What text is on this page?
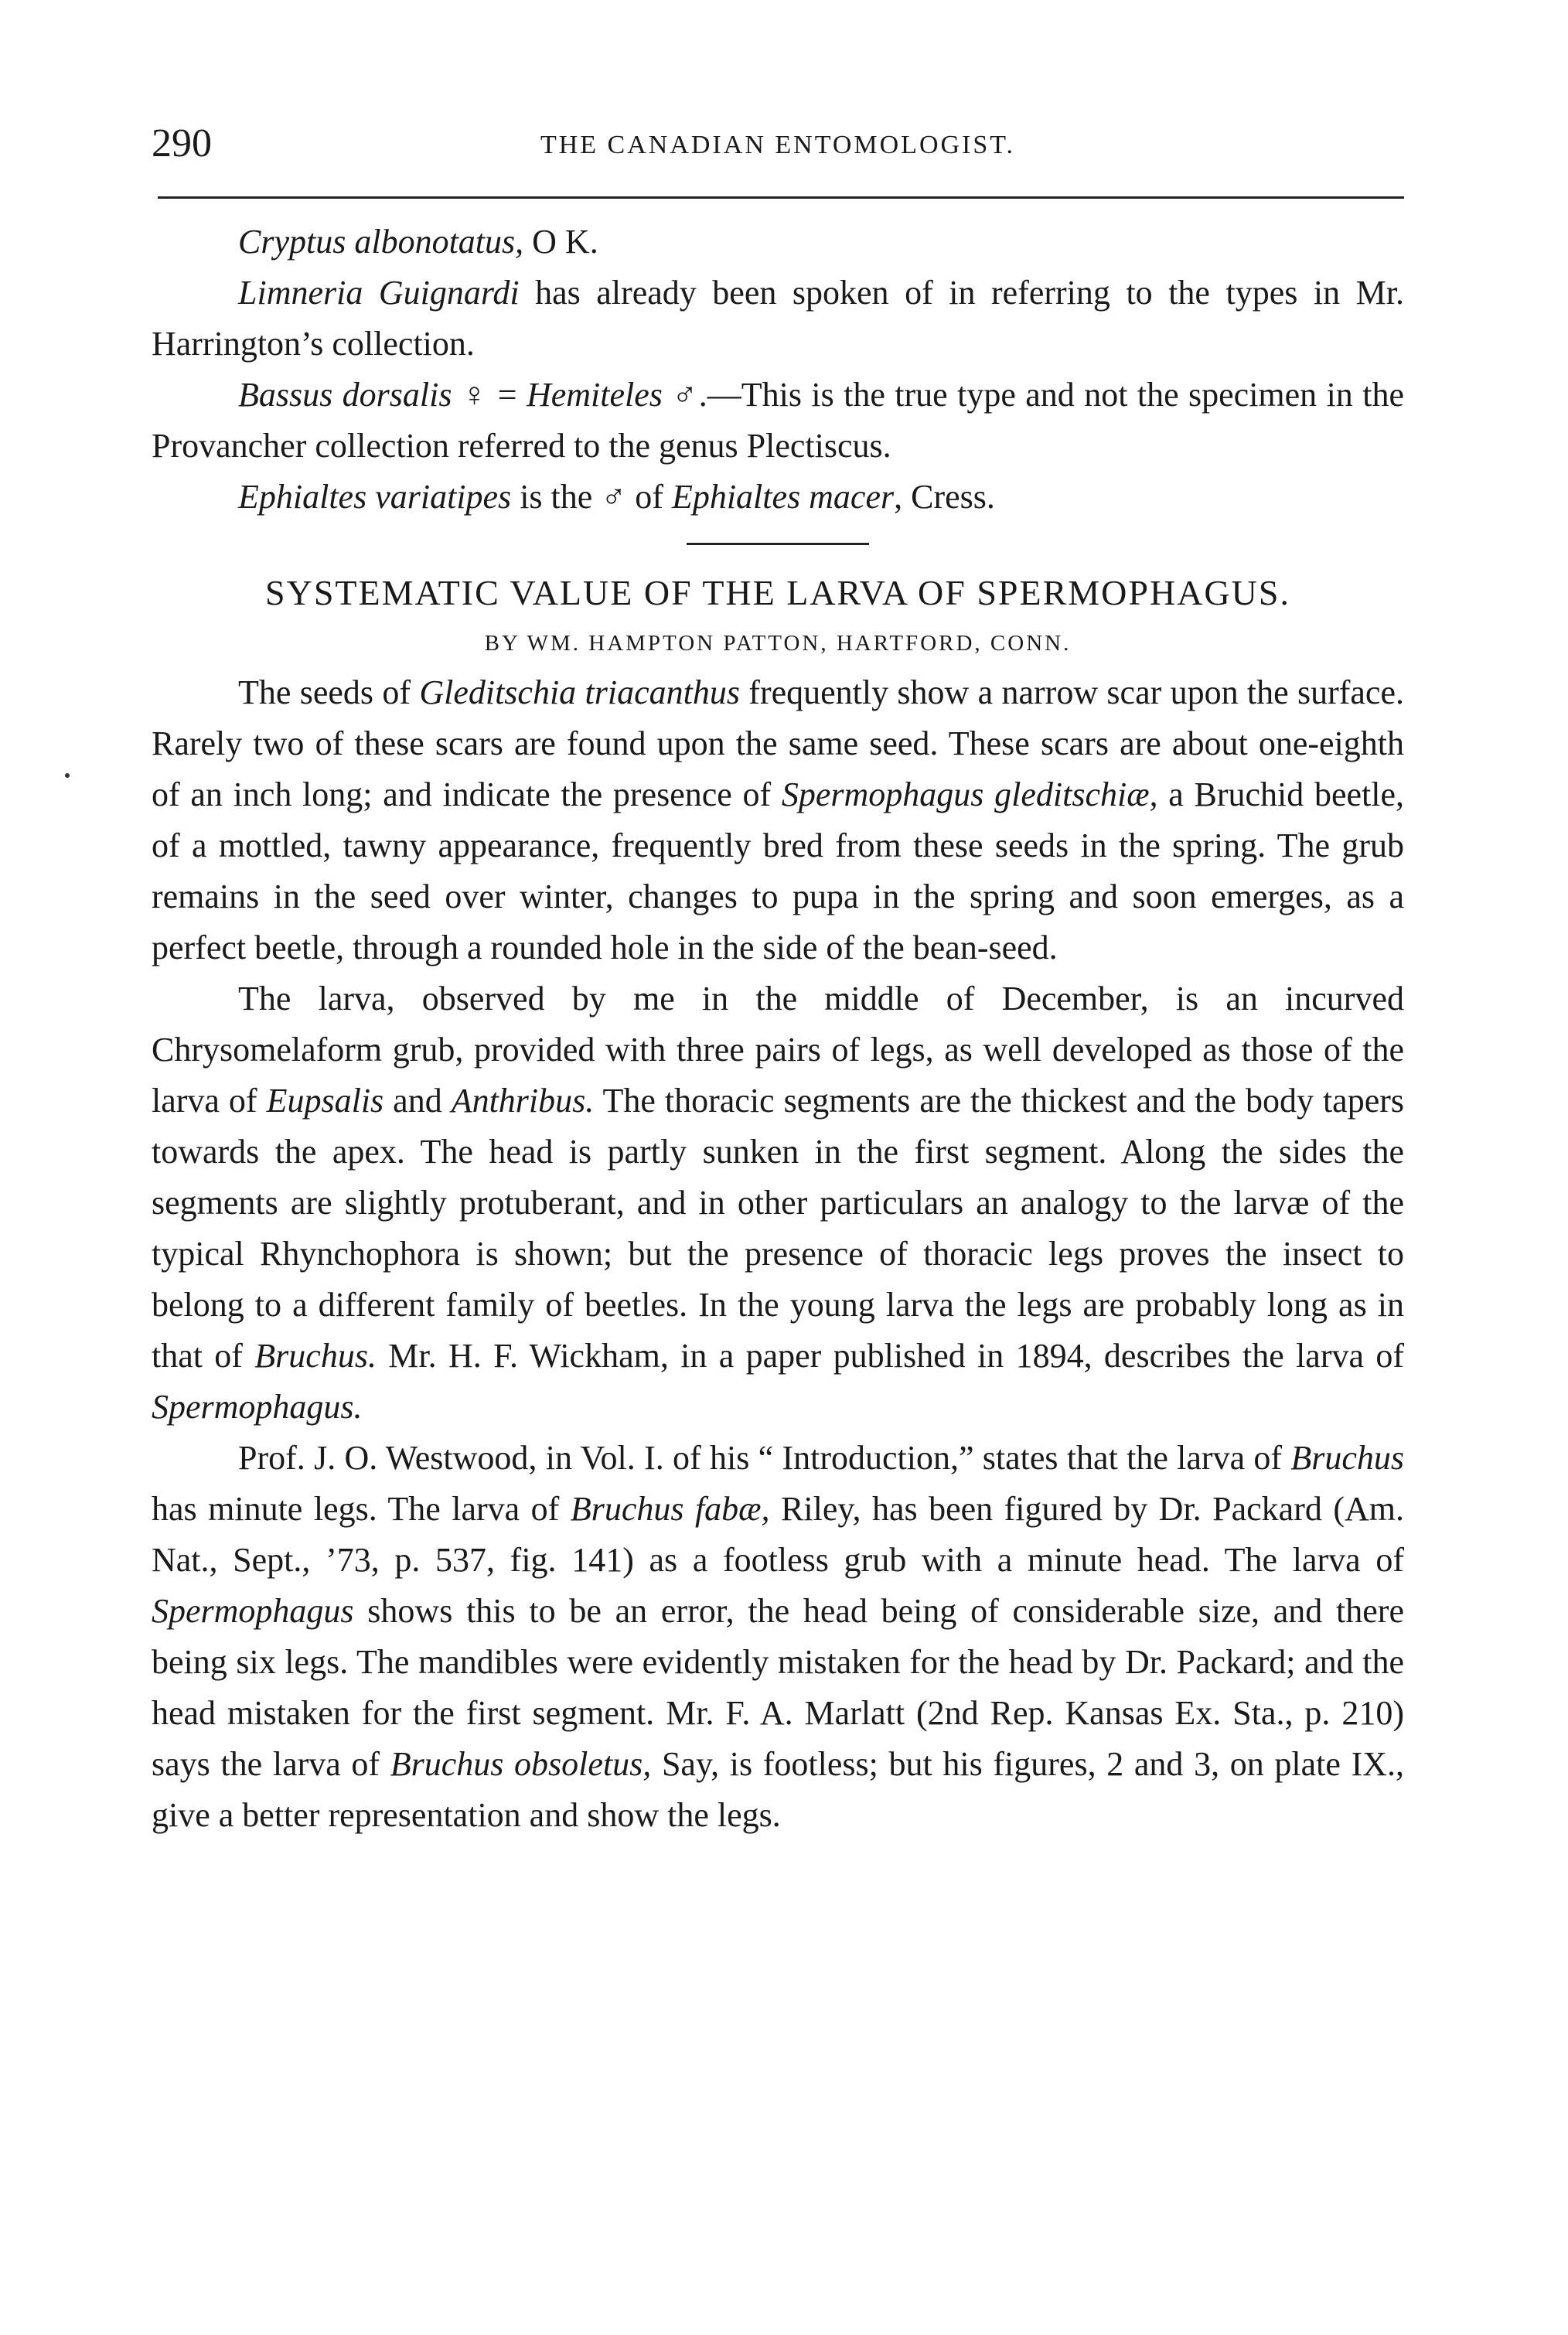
290	THE CANADIAN ENTOMOLOGIST.

Cryptus albonotatus, O K.

Limneria Guignardi has already been spoken of in referring to the types in Mr. Harrington’s collection.

Bassus dorsalis ♀ = Hemiteles ♂.—This is the true type and not the specimen in the Provancher collection referred to the genus Plectiscus.

Ephialtes variatipes is the ♂ of Ephialtes macer, Cress.

SYSTEMATIC VALUE OF THE LARVA OF SPERMOPHAGUS.
BY WM. HAMPTON PATTON, HARTFORD, CONN.

The seeds of Gleditschia triacanthus frequently show a narrow scar upon the surface. Rarely two of these scars are found upon the same seed. These scars are about one-eighth of an inch long; and indicate the presence of Spermophagus gleditschiæ, a Bruchid beetle, of a mottled, tawny appearance, frequently bred from these seeds in the spring. The grub remains in the seed over winter, changes to pupa in the spring and soon emerges, as a perfect beetle, through a rounded hole in the side of the bean-seed.

The larva, observed by me in the middle of December, is an incurved Chrysomelaform grub, provided with three pairs of legs, as well developed as those of the larva of Eupsalis and Anthribus. The thoracic segments are the thickest and the body tapers towards the apex. The head is partly sunken in the first segment. Along the sides the segments are slightly protuberant, and in other particulars an analogy to the larvæ of the typical Rhynchophora is shown; but the presence of thoracic legs proves the insect to belong to a different family of beetles. In the young larva the legs are probably long as in that of Bruchus. Mr. H. F. Wickham, in a paper published in 1894, describes the larva of Spermophagus.

Prof. J. O. Westwood, in Vol. I. of his “ Introduction,” states that the larva of Bruchus has minute legs. The larva of Bruchus fabæ, Riley, has been figured by Dr. Packard (Am. Nat., Sept., ’73, p. 537, fig. 141) as a footless grub with a minute head. The larva of Spermophagus shows this to be an error, the head being of considerable size, and there being six legs. The mandibles were evidently mistaken for the head by Dr. Packard; and the head mistaken for the first segment. Mr. F. A. Marlatt (2nd Rep. Kansas Ex. Sta., p. 210) says the larva of Bruchus obsoletus, Say, is footless; but his figures, 2 and 3, on plate IX., give a better representation and show the legs.
